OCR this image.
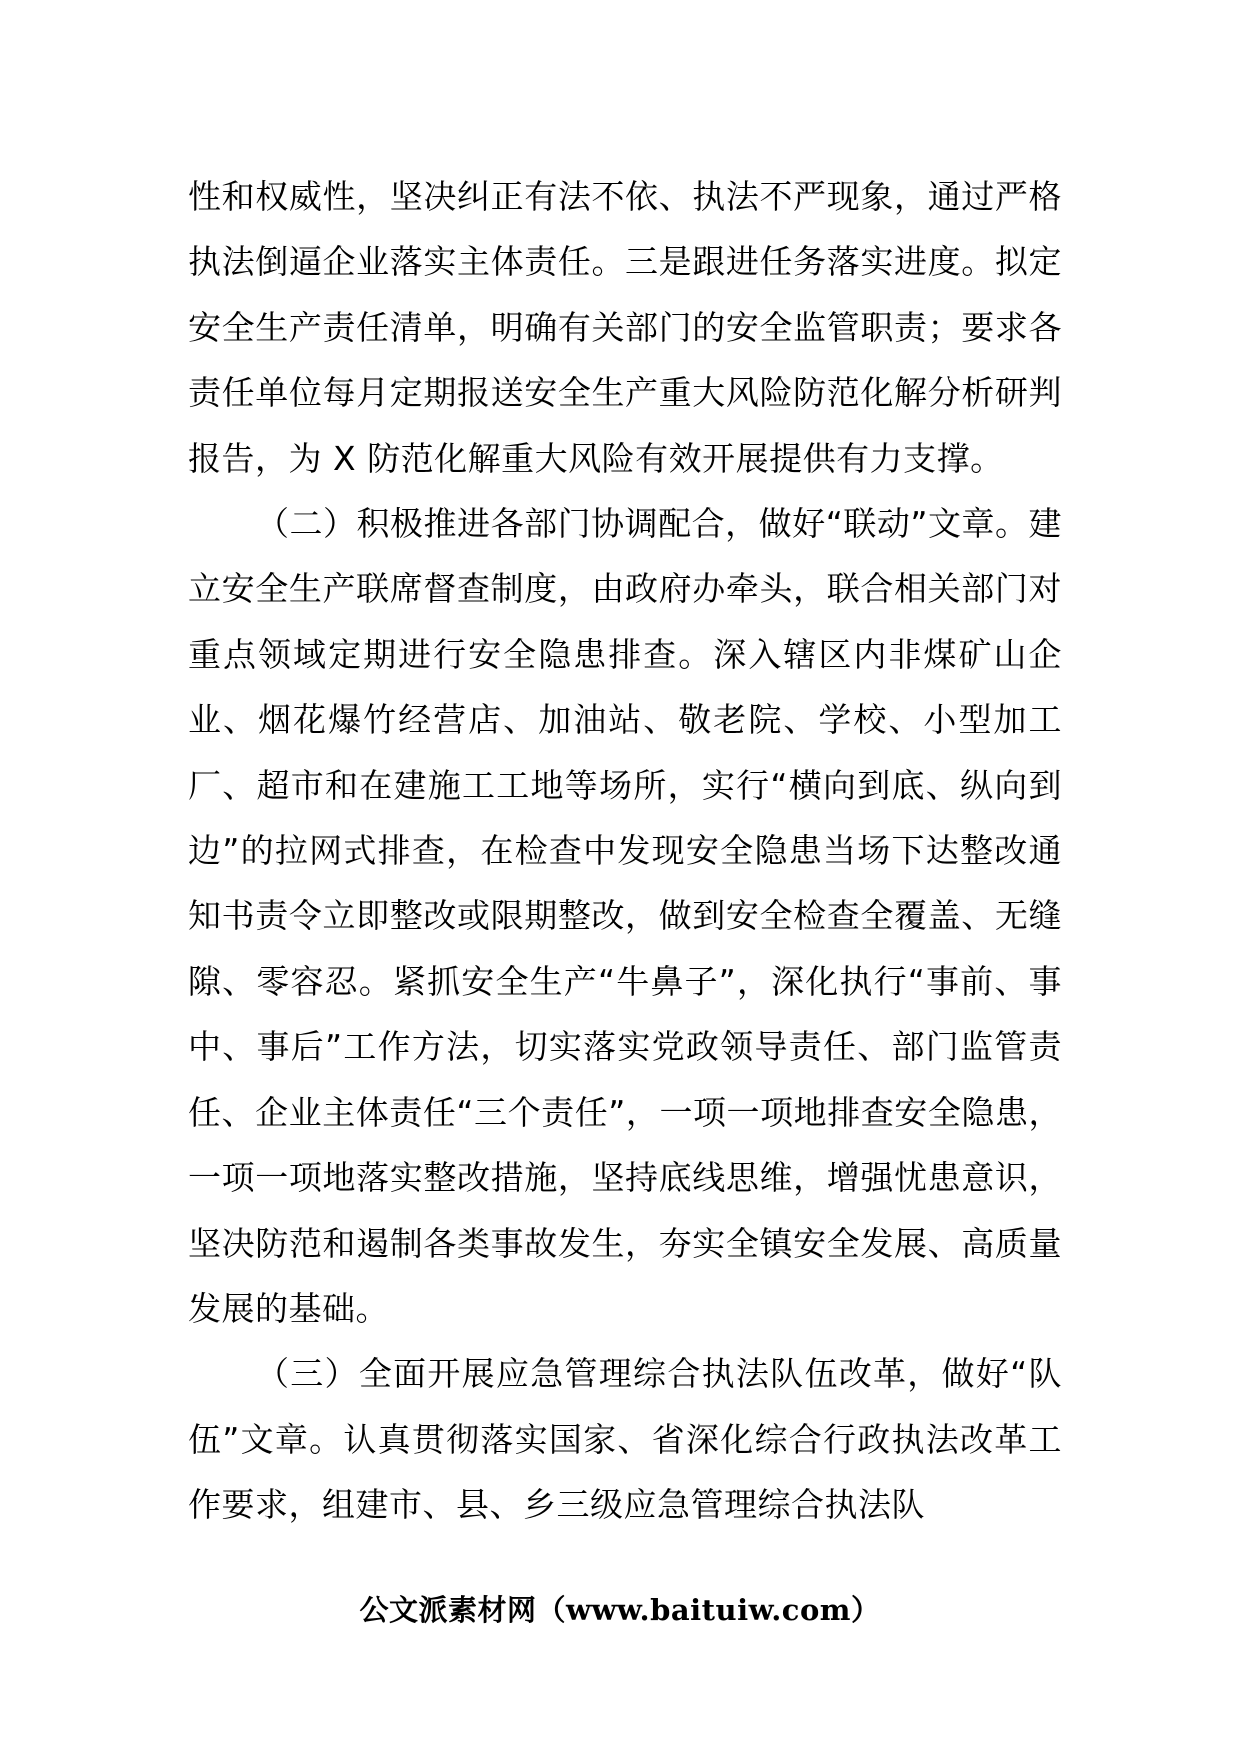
性和权威性，坚决纠正有法不依、执法不严现象，通过严格执法倒逼企业落实主体责任。三是跟进任务落实进度。拟定安全生产责任清单，明确有关部门的安全监管职责；要求各责任单位每月定期报送安全生产重大风险防范化解分析研判报告，为 X 防范化解重大风险有效开展提供有力支撑。

（二）积极推进各部门协调配合，做好“联动”文章。建立安全生产联席督查制度，由政府办牵头，联合相关部门对重点领域定期进行安全隐患排查。深入辖区内非煤矿山企业、烟花爆竹经营店、加油站、敬老院、学校、小型加工厂、超市和在建施工工地等场所，实行“横向到底、纵向到边”的拉网式排查，在检查中发现安全隐患当场下达整改通知书责令立即整改或限期整改，做到安全检查全覆盖、无缝隙、零容忍。紧抓安全生产“牛鼻子”，深化执行“事前、事中、事后”工作方法，切实落实党政领导责任、部门监管责任、企业主体责任“三个责任”，一项一项地排查安全隐患，一项一项地落实整改措施，坚持底线思维，增强忧患意识，坚决防范和遏制各类事故发生，夯实全镇安全发展、高质量发展的基础。

（三）全面开展应急管理综合执法队伍改革，做好“队伍”文章。认真贯彻落实国家、省深化综合行政执法改革工作要求，组建市、县、乡三级应急管理综合执法队

公文派素材网（www.baituiw.com）
